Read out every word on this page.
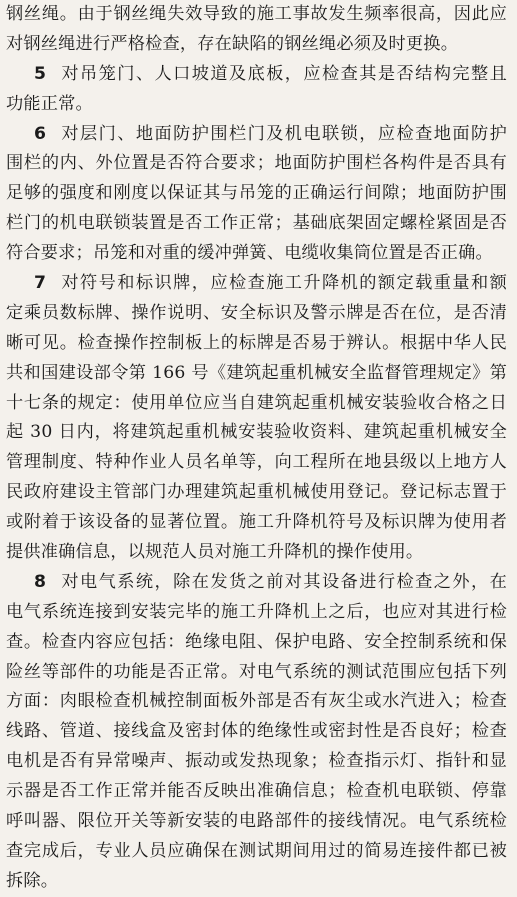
钢丝绳。由于钢丝绳失效导致的施工事故发生频率很高，因此应
对钢丝绳进行严格检查，存在缺陷的钢丝绳必须及时更换。
5 对吊笼门、人口坡道及底板，应检查其是否结构完整且
功能正常。
6 对层门、地面防护围栏门及机电联锁，应检查地面防护
围栏的内、外位置是否符合要求；地面防护围栏各构件是否具有
足够的强度和刚度以保证其与吊笼的正确运行间隙；地面防护围
栏门的机电联锁装置是否工作正常；基础底架固定螺栓紧固是否
符合要求；吊笼和对重的缓冲弹簧、电缆收集筒位置是否正确。
7 对符号和标识牌，应检查施工升降机的额定载重量和额
定乘员数标牌、操作说明、安全标识及警示牌是否在位，是否清
晰可见。检查操作控制板上的标牌是否易于辨认。根据中华人民
共和国建设部令第 166 号《建筑起重机械安全监督管理规定》第
十七条的规定：使用单位应当自建筑起重机械安装验收合格之日
起 30 日内，将建筑起重机械安装验收资料、建筑起重机械安全
管理制度、特种作业人员名单等，向工程所在地县级以上地方人
民政府建设主管部门办理建筑起重机械使用登记。登记标志置于
或附着于该设备的显著位置。施工升降机符号及标识牌为使用者
提供准确信息，以规范人员对施工升降机的操作使用。
8 对电气系统，除在发货之前对其设备进行检查之外，在
电气系统连接到安装完毕的施工升降机上之后，也应对其进行检
查。检查内容应包括：绝缘电阻、保护电路、安全控制系统和保
险丝等部件的功能是否正常。对电气系统的测试范围应包括下列
方面：肉眼检查机械控制面板外部是否有灰尘或水汽进入；检查
线路、管道、接线盒及密封体的绝缘性或密封性是否良好；检查
电机是否有异常噪声、振动或发热现象；检查指示灯、指针和显
示器是否工作正常并能否反映出准确信息；检查机电联锁、停靠
呼叫器、限位开关等新安装的电路部件的接线情况。电气系统检
查完成后，专业人员应确保在测试期间用过的简易连接件都已被
拆除。
